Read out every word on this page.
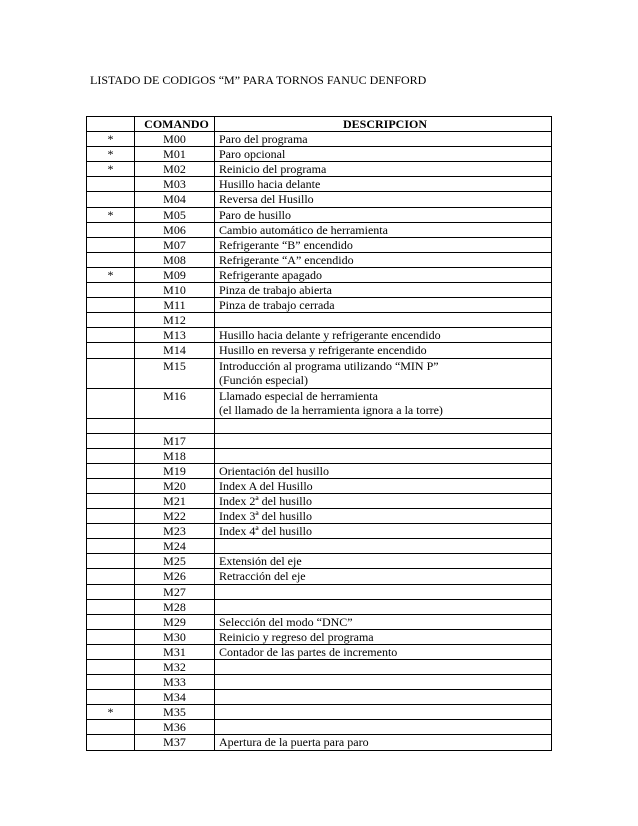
LISTADO DE CODIGOS “M” PARA TORNOS FANUC DENFORD
	COMANDO	DESCRIPCION
*	M00	Paro del programa

*	M01	Paro opcional

*	M02	Reinicio del programa

	M03	Husillo hacia delante

	M04	Reversa del Husillo

*	M05	Paro de husillo

	M06	Cambio automático de herramienta

	M07	Refrigerante “B” encendido

	M08	Refrigerante “A” encendido

*	M09	Refrigerante apagado

	M10	Pinza de trabajo abierta

	M11	Pinza de trabajo cerrada

	M12	

	M13	Husillo hacia delante y refrigerante encendido

	M14	Husillo en reversa y refrigerante encendido

	M15	Introducción al programa utilizando “MIN P”
(Función especial)

	M16	Llamado especial de herramienta
(el llamado de la herramienta ignora a la torre)

	M17	

	M18	

	M19	Orientación del husillo

	M20	Index A del Husillo

	M21	Index 2ª del husillo

	M22	Index 3ª del husillo

	M23	Index 4ª del husillo

	M24	

	M25	Extensión del eje

	M26	Retracción del eje

	M27	

	M28	

	M29	Selección del modo “DNC”

	M30	Reinicio y regreso del programa

	M31	Contador de las partes de incremento

	M32	

	M33	

	M34	

*	M35	

	M36	

	M37	Apertura de la puerta para paro
